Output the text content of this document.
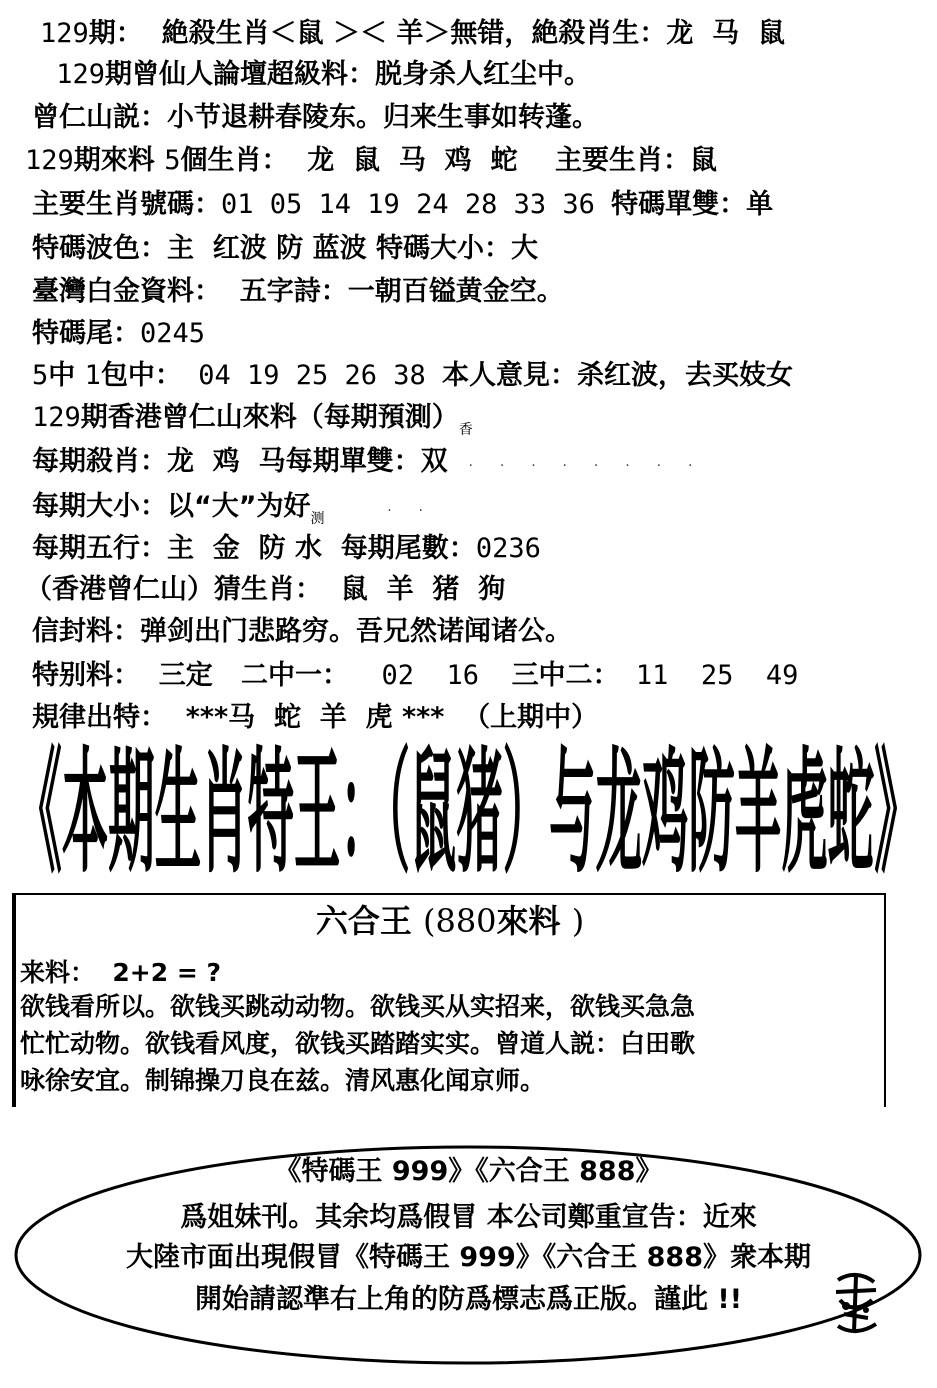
129期：  絶殺生肖＜鼠 ＞＜ 羊＞無错，絶殺肖生：龙  马  鼠
129期曾仙人論壇超級料：脱身杀人红尘中。
曾仁山説：小节退耕春陵东。归来生事如转蓬。
129期來料 5個生肖：  龙  鼠  马  鸡  蛇    主要生肖：鼠
主要生肖號碼：01 05 14 19 24 28 33 36 特碼單雙：单
特碼波色：主  红波 防 蓝波 特碼大小：大
臺灣白金資料：  五字詩：一朝百镒黄金空。
特碼尾：0245
5中 1包中： 04 19 25 26 38 本人意見：杀红波，去买妓女
129期香港曾仁山來料（每期預測）$_香$
每期殺肖：龙  鸡  马每期單雙：双  ·  ·  ·  ·  ·  ·  ·  ·
每期大小：以“大”为好$_测$      ·  ·
每期五行：主  金  防 水  每期尾數：0236
（香港曾仁山）猜生肖：  鼠  羊  猪  狗
信封料：弹剑出门悲路穷。吾兄然诺闻诸公。
特别料：  三定   二中一：  02  16  三中二： 11  25  49
規律出特：  ***马  蛇  羊  虎 ***  （上期中）
《本期生肖特王：（鼠猪）与龙鸡防羊虎蛇》
六合王 (880來料 )
来料：  2+2 = ?
欲钱看所以。欲钱买跳动动物。欲钱买从实招来，欲钱买急急
忙忙动物。欲钱看风度，欲钱买踏踏实实。曾道人説：白田歌
咏徐安宜。制锦操刀良在兹。清风惠化闻京师。
《特碼王 999》《六合王 888》
爲姐妹刊。其余均爲假冒 本公司鄭重宣告：近來
大陸市面出現假冒《特碼王 999》《六合王 888》衆本期
開始請認準右上角的防爲標志爲正版。謹此 !!
